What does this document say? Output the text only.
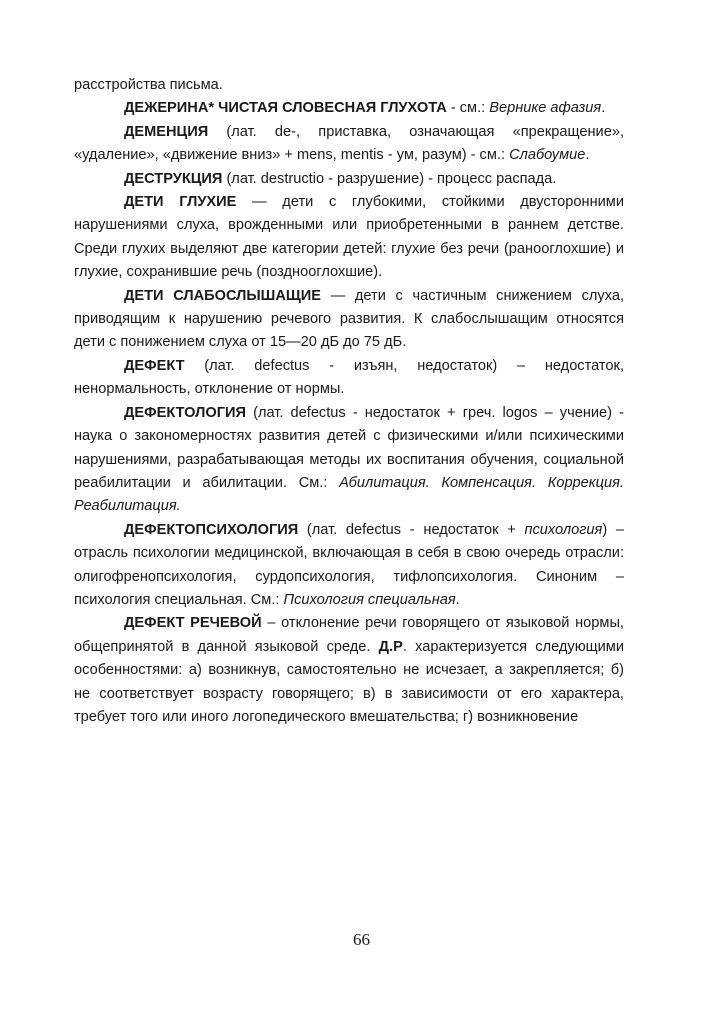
расстройства письма.

ДЕЖЕРИНА* ЧИСТАЯ СЛОВЕСНАЯ ГЛУХОТА - см.: Вернике афазия.

ДЕМЕНЦИЯ (лат. de-, приставка, означающая «прекращение», «удаление», «движение вниз» + mens, mentis - ум, разум) - см.: Слабоумие.

ДЕСТРУКЦИЯ (лат. destructio - разрушение) - процесс распада.

ДЕТИ ГЛУХИЕ — дети с глубокими, стойкими двусторонними нарушениями слуха, врожденными или приобретенными в раннем детстве. Среди глухих выделяют две категории детей: глухие без речи (ранооглохшие) и глухие, сохранившие речь (позднооглохшие).

ДЕТИ СЛАБОСЛЫШАЩИЕ — дети с частичным снижением слуха, приводящим к нарушению речевого развития. К слабослышащим относятся дети с понижением слуха от 15—20 дБ до 75 дБ.

ДЕФЕКТ (лат. defectus - изъян, недостаток) – недостаток, ненормальность, отклонение от нормы.

ДЕФЕКТОЛОГИЯ (лат. defectus - недостаток + греч. logos – учение) - наука о закономерностях развития детей с физическими и/или психическими нарушениями, разрабатывающая методы их воспитания обучения, социальной реабилитации и абилитации. См.: Абилитация. Компенсация. Коррекция. Реабилитация.

ДЕФЕКТОПСИХОЛОГИЯ (лат. defectus - недостаток + психология) – отрасль психологии медицинской, включающая в себя в свою очередь отрасли: олигофренопсихология, сурдопсихология, тифлопсихология. Синоним – психология специальная. См.: Психология специальная.

ДЕФЕКТ РЕЧЕВОЙ – отклонение речи говорящего от языковой нормы, общепринятой в данной языковой среде. Д.Р. характеризуется следующими особенностями: а) возникнув, самостоятельно не исчезает, а закрепляется; б) не соответствует возрасту говорящего; в) в зависимости от его характера, требует того или иного логопедического вмешательства; г) возникновение

66
